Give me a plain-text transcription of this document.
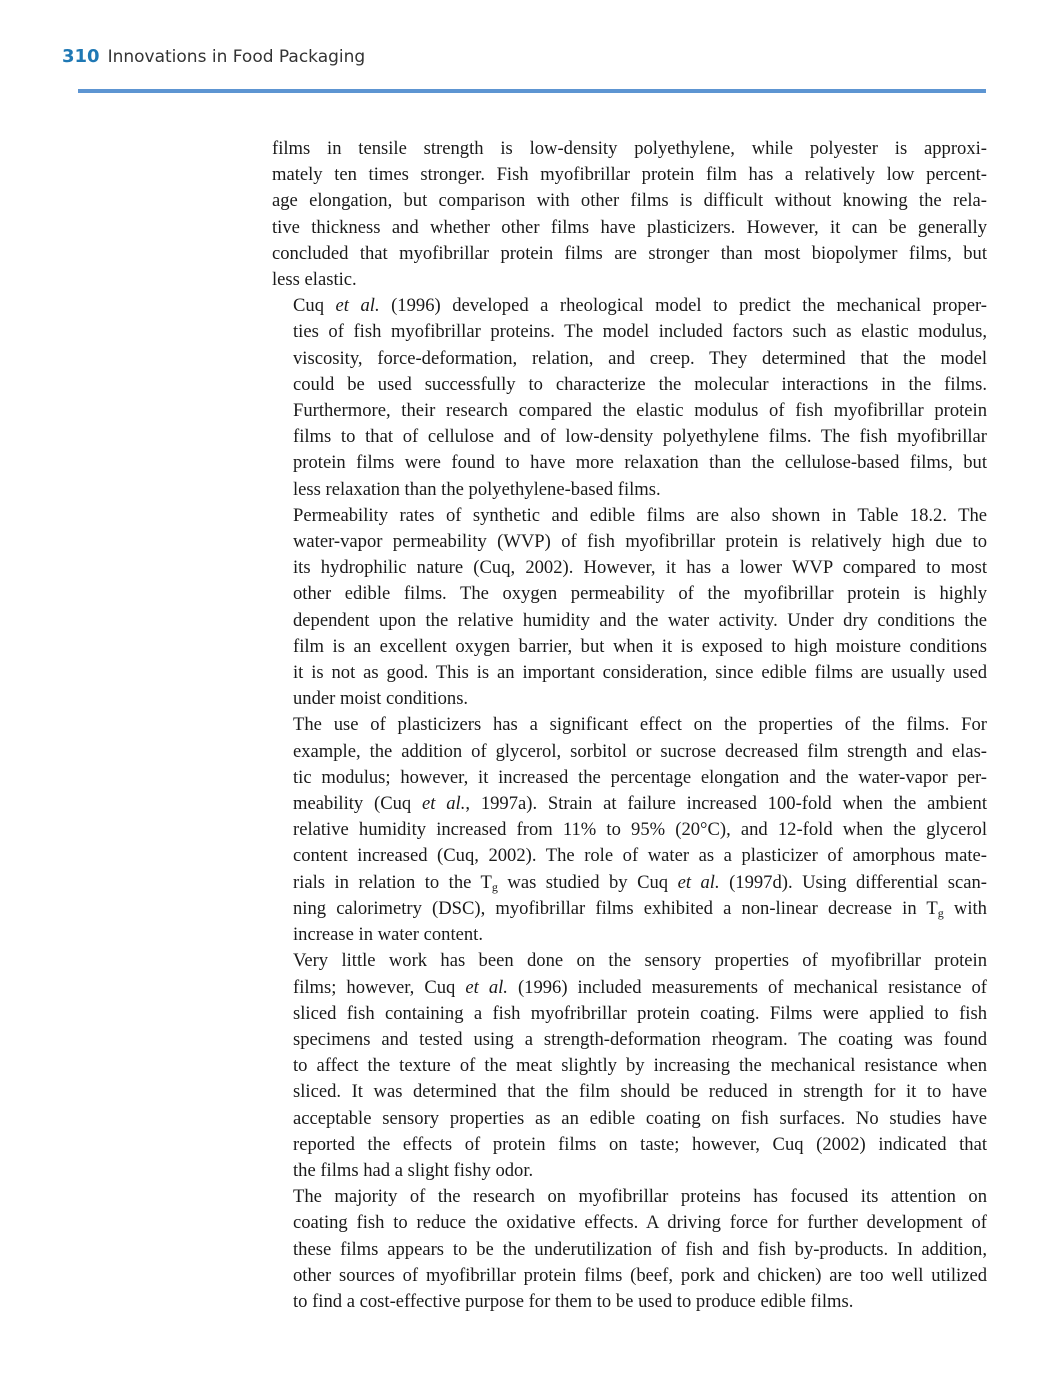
310 Innovations in Food Packaging

films in tensile strength is low-density polyethylene, while polyester is approxi-
mately ten times stronger. Fish myofibrillar protein film has a relatively low percent-
age elongation, but comparison with other films is difficult without knowing the rela-
tive thickness and whether other films have plasticizers. However, it can be generally
concluded that myofibrillar protein films are stronger than most biopolymer films, but
less elastic.

Cuq et al. (1996) developed a rheological model to predict the mechanical proper-
ties of fish myofibrillar proteins. The model included factors such as elastic modulus,
viscosity, force-deformation, relation, and creep. They determined that the model
could be used successfully to characterize the molecular interactions in the films.
Furthermore, their research compared the elastic modulus of fish myofibrillar protein
films to that of cellulose and of low-density polyethylene films. The fish myofibrillar
protein films were found to have more relaxation than the cellulose-based films, but
less relaxation than the polyethylene-based films.

Permeability rates of synthetic and edible films are also shown in Table 18.2. The
water-vapor permeability (WVP) of fish myofibrillar protein is relatively high due to
its hydrophilic nature (Cuq, 2002). However, it has a lower WVP compared to most
other edible films. The oxygen permeability of the myofibrillar protein is highly
dependent upon the relative humidity and the water activity. Under dry conditions the
film is an excellent oxygen barrier, but when it is exposed to high moisture conditions
it is not as good. This is an important consideration, since edible films are usually used
under moist conditions.

The use of plasticizers has a significant effect on the properties of the films. For
example, the addition of glycerol, sorbitol or sucrose decreased film strength and elas-
tic modulus; however, it increased the percentage elongation and the water-vapor per-
meability (Cuq et al., 1997a). Strain at failure increased 100-fold when the ambient
relative humidity increased from 11% to 95% (20°C), and 12-fold when the glycerol
content increased (Cuq, 2002). The role of water as a plasticizer of amorphous mate-
rials in relation to the $T_g$ was studied by Cuq et al. (1997d). Using differential scan-
ning calorimetry (DSC), myofibrillar films exhibited a non-linear decrease in $T_g$ with
increase in water content.

Very little work has been done on the sensory properties of myofibrillar protein
films; however, Cuq et al. (1996) included measurements of mechanical resistance of
sliced fish containing a fish myofribrillar protein coating. Films were applied to fish
specimens and tested using a strength-deformation rheogram. The coating was found
to affect the texture of the meat slightly by increasing the mechanical resistance when
sliced. It was determined that the film should be reduced in strength for it to have
acceptable sensory properties as an edible coating on fish surfaces. No studies have
reported the effects of protein films on taste; however, Cuq (2002) indicated that
the films had a slight fishy odor.

The majority of the research on myofibrillar proteins has focused its attention on
coating fish to reduce the oxidative effects. A driving force for further development of
these films appears to be the underutilization of fish and fish by-products. In addition,
other sources of myofibrillar protein films (beef, pork and chicken) are too well utilized
to find a cost-effective purpose for them to be used to produce edible films.
